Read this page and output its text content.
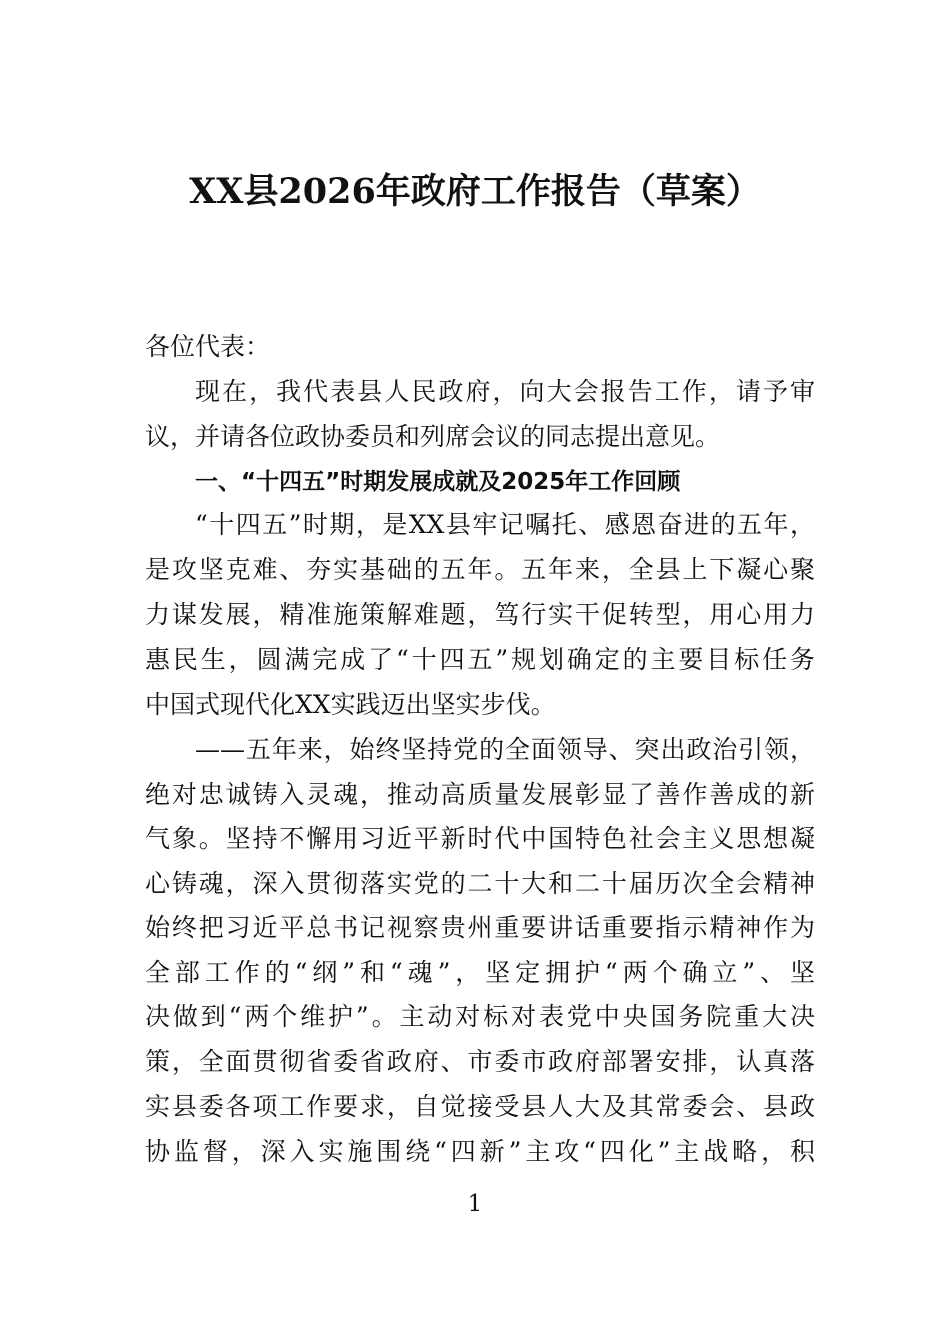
XX县2026年政府工作报告（草案）
各位代表：
现在，我代表县人民政府，向大会报告工作，请予审
议，并请各位政协委员和列席会议的同志提出意见。
一、“十四五”时期发展成就及2025年工作回顾
“十四五”时期，是XX县牢记嘱托、感恩奋进的五年，
是攻坚克难、夯实基础的五年。五年来，全县上下凝心聚
力谋发展，精准施策解难题，笃行实干促转型，用心用力
惠民生，圆满完成了“十四五”规划确定的主要目标任务
中国式现代化XX实践迈出坚实步伐。
——五年来，始终坚持党的全面领导、突出政治引领，
绝对忠诚铸入灵魂，推动高质量发展彰显了善作善成的新
气象。坚持不懈用习近平新时代中国特色社会主义思想凝
心铸魂，深入贯彻落实党的二十大和二十届历次全会精神
始终把习近平总书记视察贵州重要讲话重要指示精神作为
全部工作的“纲”和“魂”，坚定拥护“两个确立”、坚
决做到“两个维护”。主动对标对表党中央国务院重大决
策，全面贯彻省委省政府、市委市政府部署安排，认真落
实县委各项工作要求，自觉接受县人大及其常委会、县政
协监督，深入实施围绕“四新”主攻“四化”主战略，积
1
